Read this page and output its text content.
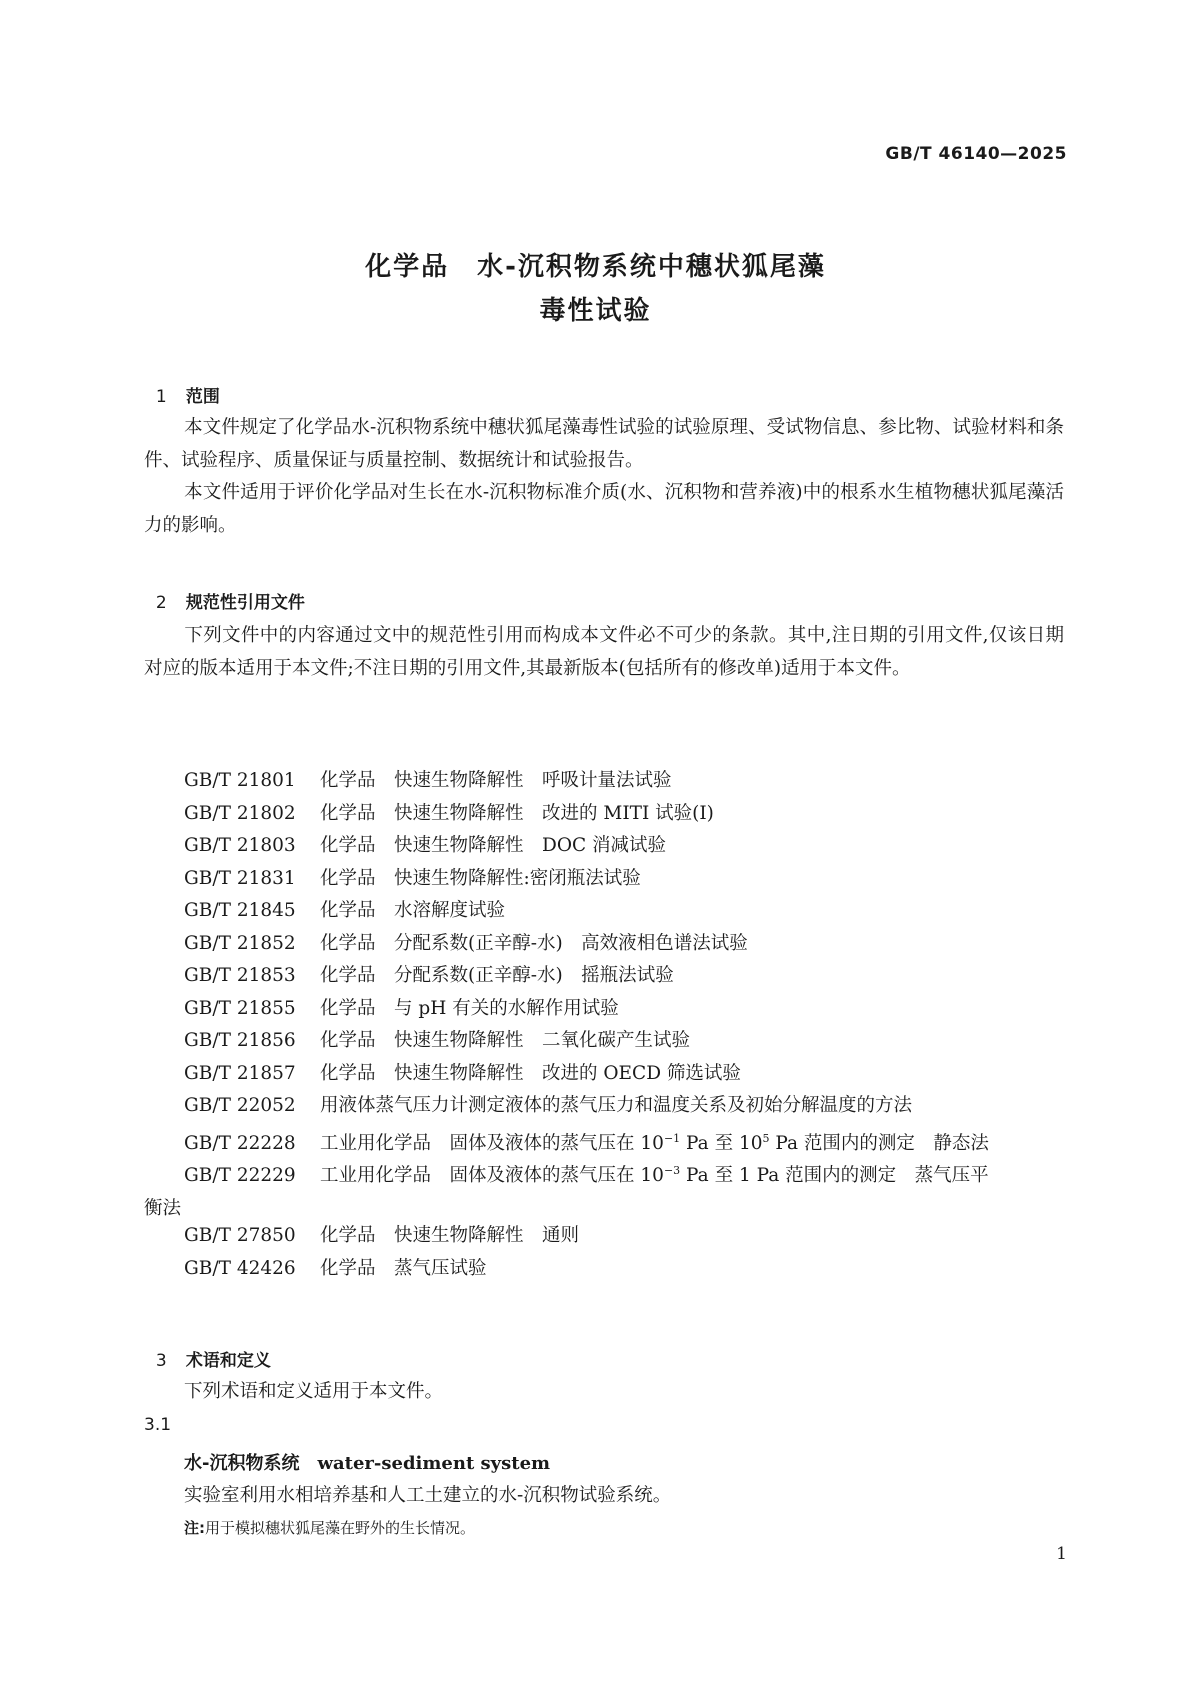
GB/T 46140—2025
化学品　水-沉积物系统中穗状狐尾藻
毒性试验

1 范围

本文件规定了化学品水-沉积物系统中穗状狐尾藻毒性试验的试验原理、受试物信息、参比物、试验材料和条件、试验程序、质量保证与质量控制、数据统计和试验报告。
本文件适用于评价化学品对生长在水-沉积物标准介质(水、沉积物和营养液)中的根系水生植物穗状狐尾藻活力的影响。

2 规范性引用文件

下列文件中的内容通过文中的规范性引用而构成本文件必不可少的条款。其中,注日期的引用文件,仅该日期对应的版本适用于本文件;不注日期的引用文件,其最新版本(包括所有的修改单)适用于本文件。
GB/T 21801 化学品　快速生物降解性　呼吸计量法试验
GB/T 21802 化学品　快速生物降解性　改进的 MITI 试验(Ⅰ)
GB/T 21803 化学品　快速生物降解性　DOC 消减试验
GB/T 21831 化学品　快速生物降解性:密闭瓶法试验
GB/T 21845 化学品　水溶解度试验
GB/T 21852 化学品　分配系数(正辛醇-水)　高效液相色谱法试验
GB/T 21853 化学品　分配系数(正辛醇-水)　摇瓶法试验
GB/T 21855 化学品　与 pH 有关的水解作用试验
GB/T 21856 化学品　快速生物降解性　二氧化碳产生试验
GB/T 21857 化学品　快速生物降解性　改进的 OECD 筛选试验
GB/T 22052 用液体蒸气压力计测定液体的蒸气压力和温度关系及初始分解温度的方法
GB/T 22228 工业用化学品　固体及液体的蒸气压在 $10^{-1}$ Pa 至 $10^5$ Pa 范围内的测定　静态法
GB/T 22229 工业用化学品　固体及液体的蒸气压在 $10^{-3}$ Pa 至 1 Pa 范围内的测定　蒸气压平
衡法
GB/T 27850 化学品　快速生物降解性　通则
GB/T 42426 化学品　蒸气压试验

3 术语和定义

下列术语和定义适用于本文件。
3.1
水-沉积物系统　 water-sediment system
实验室利用水相培养基和人工土建立的水-沉积物试验系统。
注:用于模拟穗状狐尾藻在野外的生长情况。
1
